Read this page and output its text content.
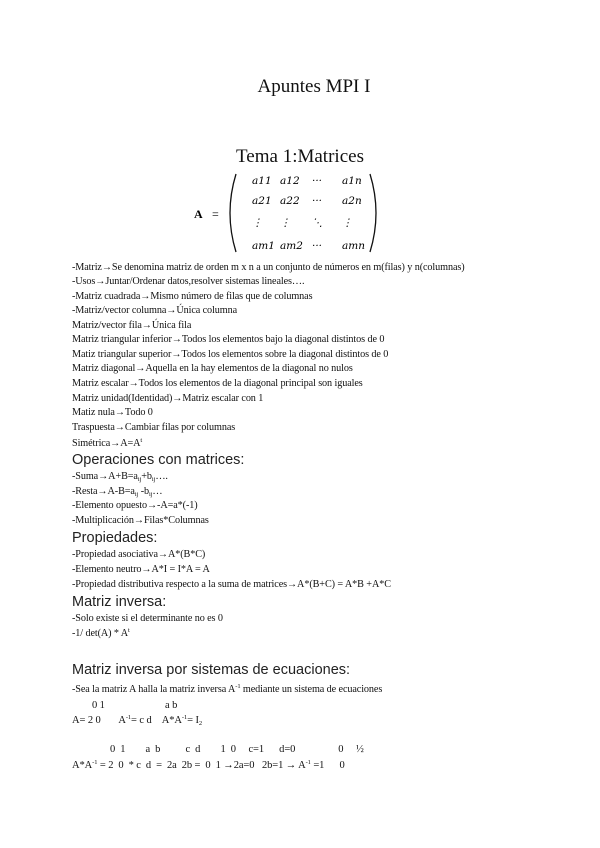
Apuntes MPI I
Tema 1:Matrices
A =
a11 a12 ··· a1n
a21 a22 ··· a2n
⋮ ⋮ ⋱ ⋮
am1 am2 ··· amn
-Matriz→Se denomina matriz de orden m x n a un conjunto de números en m(filas) y n(columnas)
-Usos→Juntar/Ordenar datos,resolver sistemas lineales….
-Matriz cuadrada→Mismo número de filas que de columnas
-Matriz/vector columna→Única columna
Matriz/vector fila→Única fila
Matriz triangular inferior→Todos los elementos bajo la diagonal distintos de 0
Matiz triangular superior→Todos los elementos sobre la diagonal distintos de 0
Matriz diagonal→Aquella en la hay elementos de la diagonal no nulos
Matriz escalar→Todos los elementos de la diagonal principal son iguales
Matriz unidad(Identidad)→Matriz escalar con 1
Matiz nula→Todo 0
Traspuesta→Cambiar filas por columnas
$Simétrica\to A=A^t$
Operaciones con matrices:
$-Suma\to A+B=a_{ij}+b_{ij}\dots$.
$-Resta\to A-B=a_{ij}$ $-b_{ij}\dots$
-Elemento opuesto→-A=a*(-1)
-Multiplicación→Filas*Columnas
Propiedades:
-Propiedad asociativa→A*(B*C)
-Elemento neutro→A*I = I*A = A
-Propiedad distributiva respecto a la suma de matrices→A*(B+C) = A*B +A*C
Matriz inversa:
-Solo existe si el determinante no es 0
-1/ $\det(A) * A^t$
Matriz inversa por sistemas de ecuaciones:
-Sea la matriz A halla la matriz inversa $A^{-1}$ mediante un sistema de ecuaciones
0 1	a b
A= 2 0 $A^{-1}= c$ d $A*A^{-1}= I_2$
0  1        a  b          c  d        1  0     c=1      d=0                 0     ½
$A*A^{-1} = 2$  0  * c  d  =  2a  2b =  0  1 →2a=0   $2b=1 \to A^{-1} =1$      0
